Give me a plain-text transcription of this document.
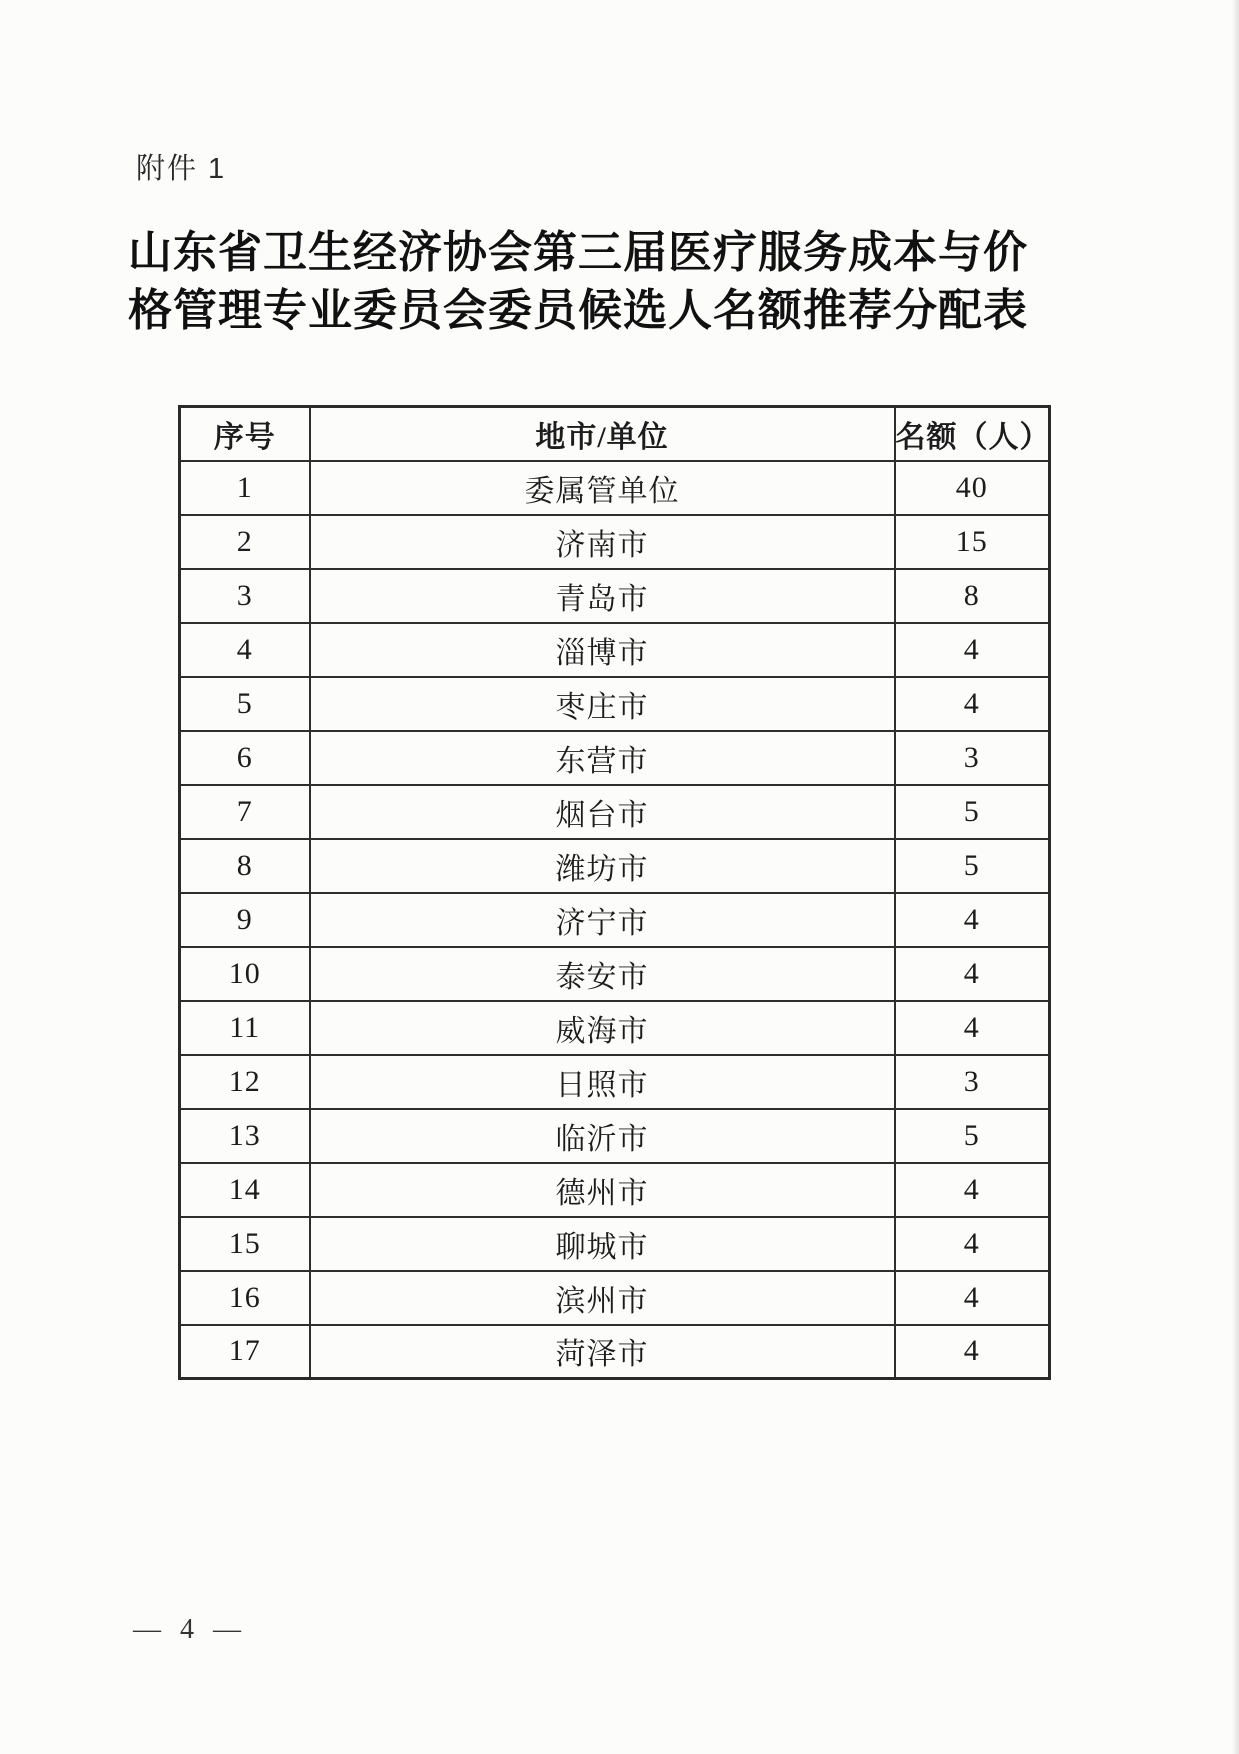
附件 1
山东省卫生经济协会第三届医疗服务成本与价
格管理专业委员会委员候选人名额推荐分配表
序号	地市/单位	名额（人）
1	委属管单位	40
2	济南市	15
3	青岛市	8
4	淄博市	4
5	枣庄市	4
6	东营市	3
7	烟台市	5
8	潍坊市	5
9	济宁市	4
10	泰安市	4
11	威海市	4
12	日照市	3
13	临沂市	5
14	德州市	4
15	聊城市	4
16	滨州市	4
17	菏泽市	4
— 4 —
